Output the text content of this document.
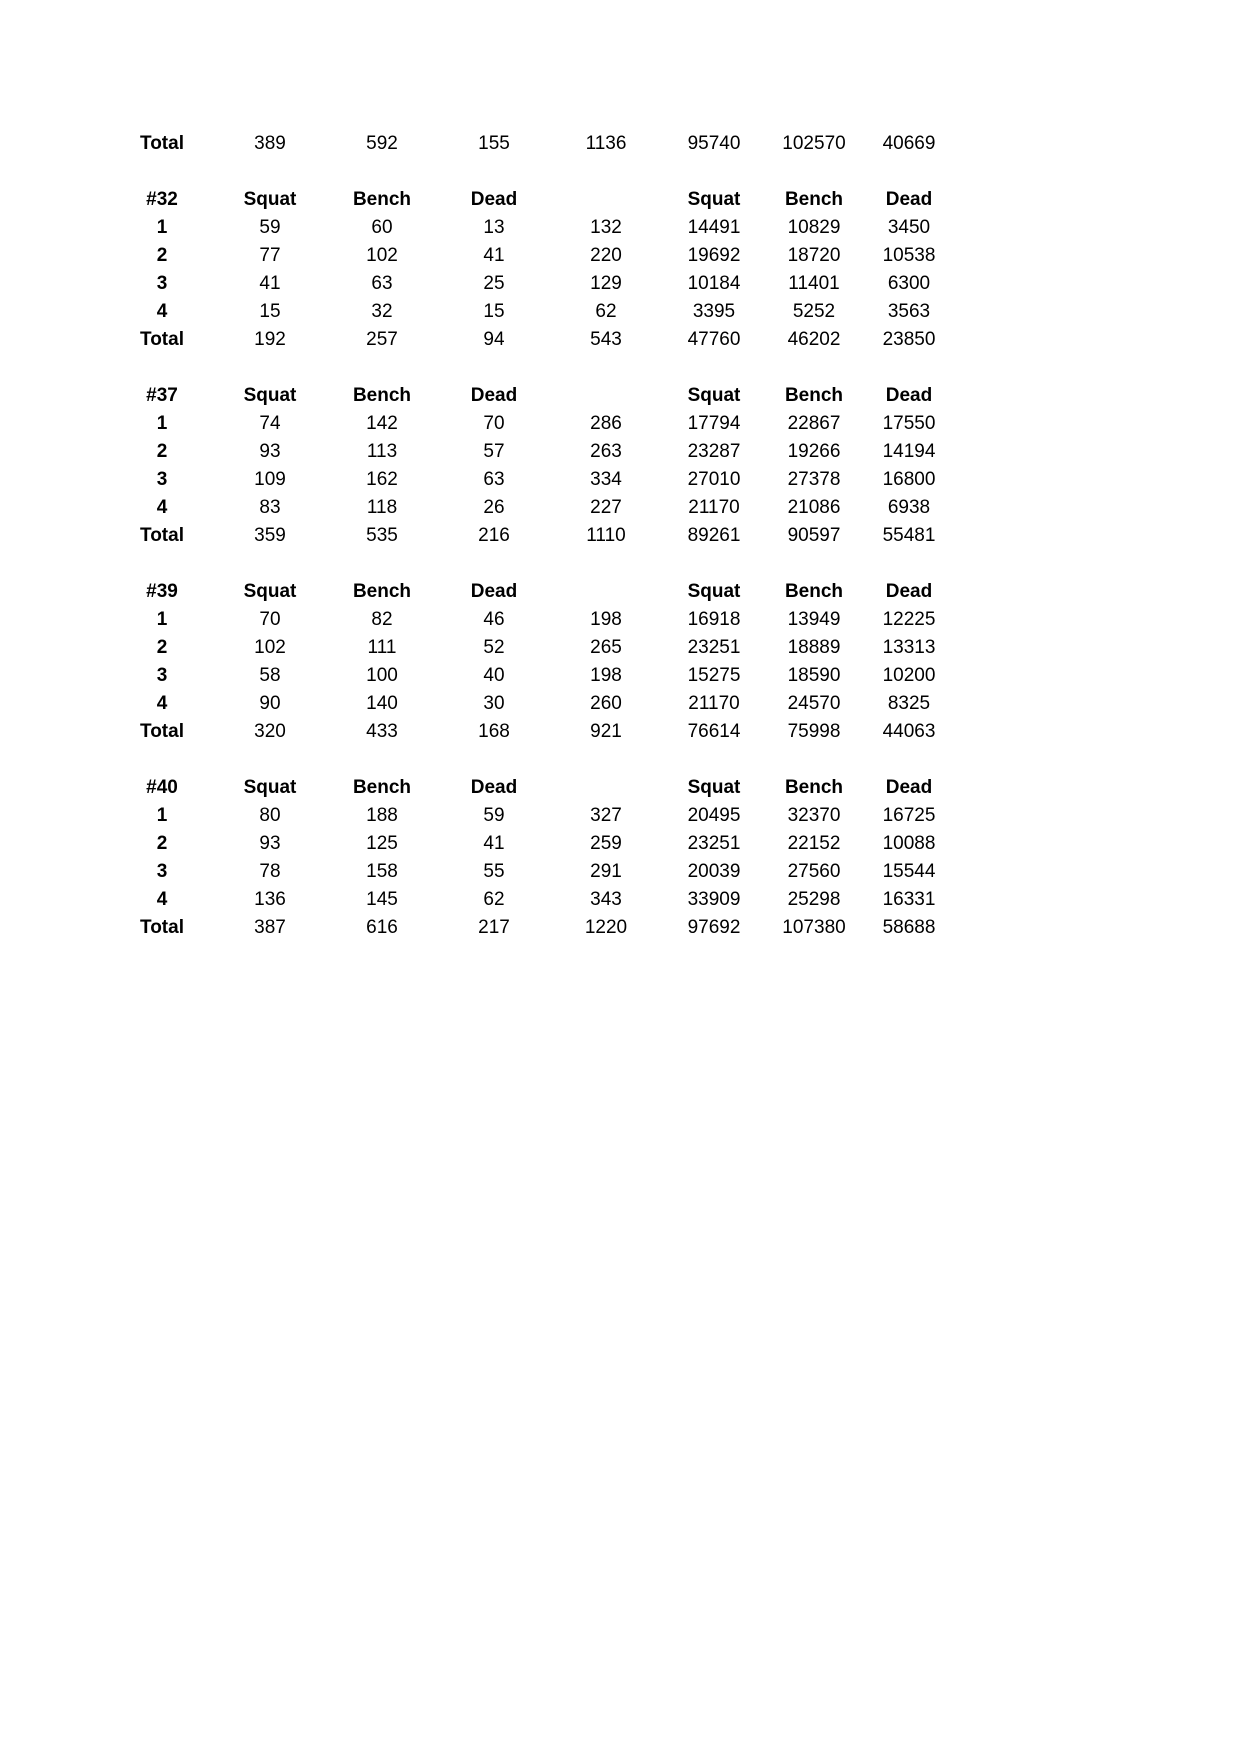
Total	389	592	155	1136	95740	102570	40669

#32	Squat	Bench	Dead		Squat	Bench	Dead
1	59	60	13	132	14491	10829	3450
2	77	102	41	220	19692	18720	10538
3	41	63	25	129	10184	11401	6300
4	15	32	15	62	3395	5252	3563
Total	192	257	94	543	47760	46202	23850

#37	Squat	Bench	Dead		Squat	Bench	Dead
1	74	142	70	286	17794	22867	17550
2	93	113	57	263	23287	19266	14194
3	109	162	63	334	27010	27378	16800
4	83	118	26	227	21170	21086	6938
Total	359	535	216	1110	89261	90597	55481

#39	Squat	Bench	Dead		Squat	Bench	Dead
1	70	82	46	198	16918	13949	12225
2	102	111	52	265	23251	18889	13313
3	58	100	40	198	15275	18590	10200
4	90	140	30	260	21170	24570	8325
Total	320	433	168	921	76614	75998	44063

#40	Squat	Bench	Dead		Squat	Bench	Dead
1	80	188	59	327	20495	32370	16725
2	93	125	41	259	23251	22152	10088
3	78	158	55	291	20039	27560	15544
4	136	145	62	343	33909	25298	16331
Total	387	616	217	1220	97692	107380	58688
